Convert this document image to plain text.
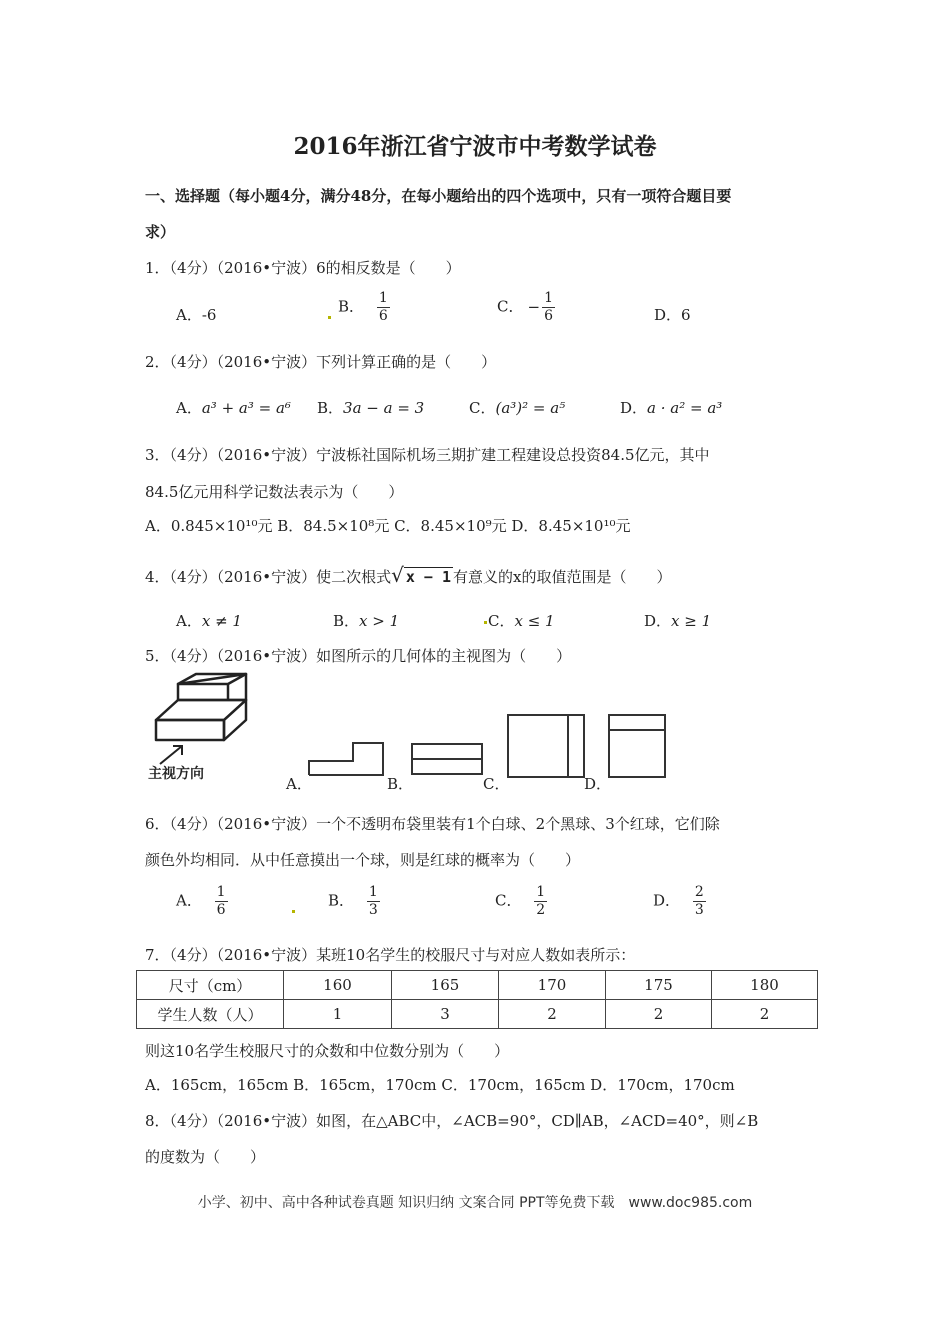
2016年浙江省宁波市中考数学试卷
一、选择题（每小题4分，满分48分，在每小题给出的四个选项中，只有一项符合题目要
求）
1．（4分）（2016•宁波）6的相反数是（　　）
A．-6	B． $\frac{1}{6}$	C． − $\frac{1}{6}$	D．6
2．（4分）（2016•宁波）下列计算正确的是（　　）
A．a³ + a³ = a⁶ B．3a − a = 3	C．(a³)² = a⁵	D．a · a² = a³
3．（4分）（2016•宁波）宁波栎社国际机场三期扩建工程建设总投资84.5亿元，其中
84.5亿元用科学记数法表示为（　　）
A．0.845×10¹⁰元 B．84.5×10⁸元 C．8.45×10⁹元 D．8.45×10¹⁰元
4．（4分）（2016•宁波）使二次根式√ x − 1 有意义的x的取值范围是（　　）
A．x ≠ 1	B．x > 1	C．x ≤ 1	D．x ≥ 1
5．（4分）（2016•宁波）如图所示的几何体的主视图为（　　）
主视方向
A．	B．	C．	D．
6．（4分）（2016•宁波）一个不透明布袋里装有1个白球、2个黑球、3个红球，它们除
颜色外均相同．从中任意摸出一个球，则是红球的概率为（　　）
A． $\frac{1}{6}$	B． $\frac{1}{3}$	C． $\frac{1}{2}$	D． $\frac{2}{3}$
7．（4分）（2016•宁波）某班10名学生的校服尺寸与对应人数如表所示：
尺寸（cm）	160	165	170	175	180
学生人数（人）	1	3	2	2	2
则这10名学生校服尺寸的众数和中位数分别为（　　）
A．165cm，165cm B．165cm，170cm C．170cm，165cm D．170cm，170cm
8．（4分）（2016•宁波）如图，在△ABC中，∠ACB=90°，CD∥AB，∠ACD=40°，则∠B
的度数为（　　）
小学、初中、高中各种试卷真题 知识归纳 文案合同 PPT等免费下载　www.doc985.com
